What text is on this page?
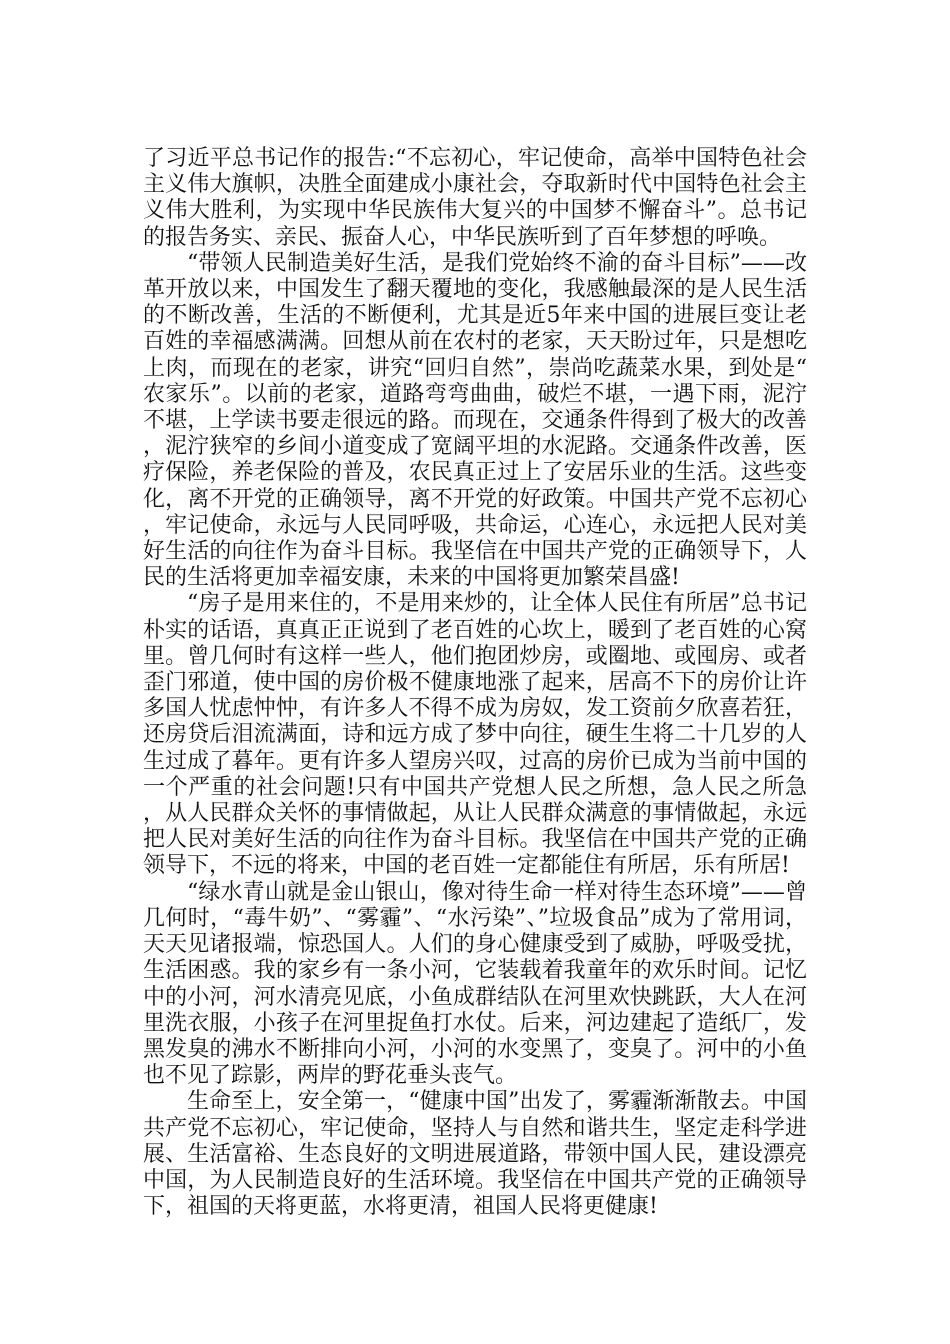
了习近平总书记作的报告:“不忘初心，牢记使命，高举中国特色社会主义伟大旗帜，决胜全面建成小康社会，夺取新时代中国特色社会主义伟大胜利，为实现中华民族伟大复兴的中国梦不懈奋斗”。总书记的报告务实、亲民、振奋人心，中华民族听到了百年梦想的呼唤。

“带领人民制造美好生活，是我们党始终不渝的奋斗目标”——改革开放以来，中国发生了翻天覆地的变化，我感触最深的是人民生活的不断改善，生活的不断便利，尤其是近5年来中国的进展巨变让老百姓的幸福感满满。回想从前在农村的老家，天天盼过年，只是想吃上肉，而现在的老家，讲究“回归自然”，崇尚吃蔬菜水果，到处是“农家乐”。以前的老家，道路弯弯曲曲，破烂不堪，一遇下雨，泥泞不堪，上学读书要走很远的路。而现在，交通条件得到了极大的改善，泥泞狭窄的乡间小道变成了宽阔平坦的水泥路。交通条件改善，医疗保险，养老保险的普及，农民真正过上了安居乐业的生活。这些变化，离不开党的正确领导，离不开党的好政策。中国共产党不忘初心，牢记使命，永远与人民同呼吸，共命运，心连心，永远把人民对美好生活的向往作为奋斗目标。我坚信在中国共产党的正确领导下，人民的生活将更加幸福安康，未来的中国将更加繁荣昌盛!

“房子是用来住的，不是用来炒的，让全体人民住有所居”总书记朴实的话语，真真正正说到了老百姓的心坎上，暖到了老百姓的心窝里。曾几何时有这样一些人，他们抱团炒房，或圈地、或囤房、或者歪门邪道，使中国的房价极不健康地涨了起来，居高不下的房价让许多国人忧虑忡忡，有许多人不得不成为房奴，发工资前夕欣喜若狂，还房贷后泪流满面，诗和远方成了梦中向往，硬生生将二十几岁的人生过成了暮年。更有许多人望房兴叹，过高的房价已成为当前中国的一个严重的社会问题!只有中国共产党想人民之所想，急人民之所急，从人民群众关怀的事情做起，从让人民群众满意的事情做起，永远把人民对美好生活的向往作为奋斗目标。我坚信在中国共产党的正确领导下，不远的将来，中国的老百姓一定都能住有所居，乐有所居!

“绿水青山就是金山银山，像对待生命一样对待生态环境”——曾几何时，“毒牛奶”、“雾霾”、“水污染”、”垃圾食品”成为了常用词，天天见诸报端，惊恐国人。人们的身心健康受到了威胁，呼吸受扰，生活困惑。我的家乡有一条小河，它装载着我童年的欢乐时间。记忆中的小河，河水清亮见底，小鱼成群结队在河里欢快跳跃，大人在河里洗衣服，小孩子在河里捉鱼打水仗。后来，河边建起了造纸厂，发黑发臭的沸水不断排向小河，小河的水变黑了，变臭了。河中的小鱼也不见了踪影，两岸的野花垂头丧气。

生命至上，安全第一，“健康中国”出发了，雾霾渐渐散去。中国共产党不忘初心，牢记使命，坚持人与自然和谐共生，坚定走科学进展、生活富裕、生态良好的文明进展道路，带领中国人民，建设漂亮中国，为人民制造良好的生活环境。我坚信在中国共产党的正确领导下，祖国的天将更蓝，水将更清，祖国人民将更健康!
